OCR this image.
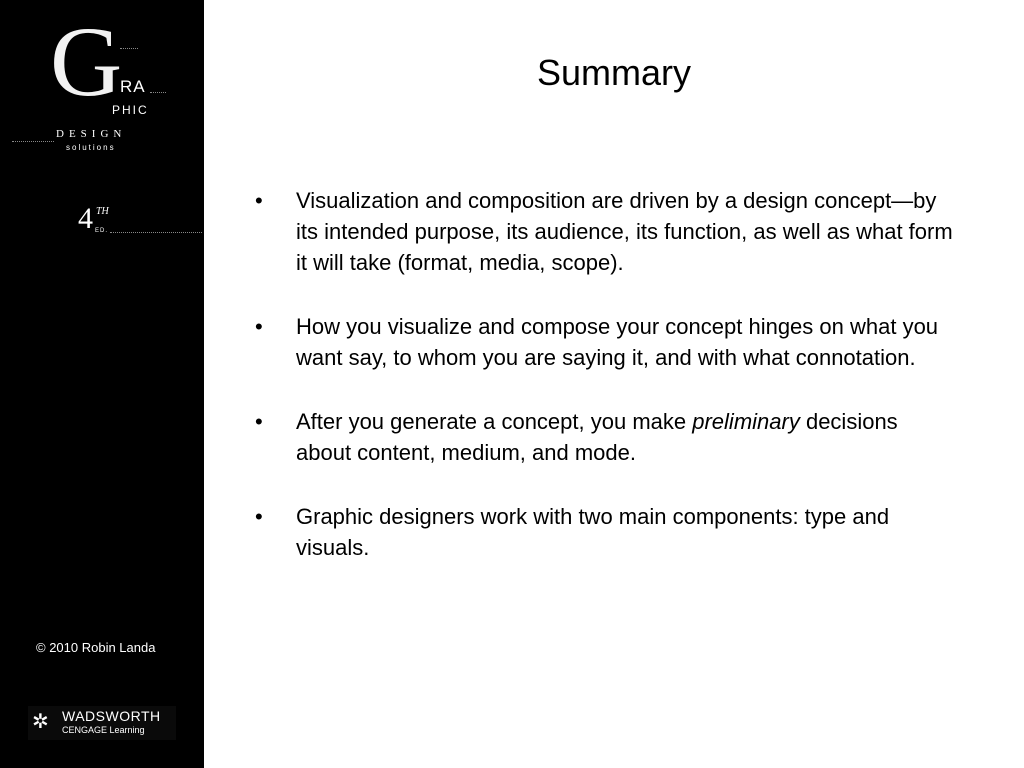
G RA
PHIC
DESIGN
solutions
4 TH
ED.
© 2010 Robin Landa
✲ WADSWORTH
CENGAGE Learning
Summary
• Visualization and composition are driven by a design concept—by its intended purpose, its audience, its function, as well as what form it will take (format, media, scope).
• How you visualize and compose your concept hinges on what you want say, to whom you are saying it, and with what connotation.
• After you generate a concept, you make preliminary decisions about content, medium, and mode.
• Graphic designers work with two main components: type and visuals.
